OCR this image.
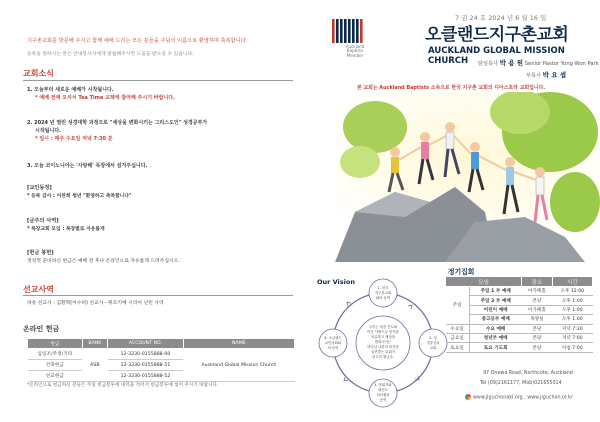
지구촌교회를 방문해 주시고 함께 예배 드리는 모든 분들을 주님의 이름으로 환영하며 축복합니다.
등록을 원하시는 분은 안내봉사자에게 말씀해주시면 도움을 받으실 수 있습니다.
교회소식
1. 오늘부터 새로운 예배가 시작됩니다.
* 예배 전에 오셔서 Tea Time 교제에 참여해 주시기 바랍니다.
2. 2024 년 열린 성경대학 과정으로 "세상을 변화시키는 그리스도인" 성경공부가
시작됩니다.
* 일시 : 매주 수요일 저녁 7:30 분
3. 오늘 코이노니아는 '사랑해' 목장에서 섬겨주십니다.
[교인동정]
* 등록 감사 : 이찬희 청년 "환영하고 축복합니다"
[금주의 사역]
* 목장교회 모임 : 목장별로 자유롭게
[헌금 봉헌]
정성껏 준비하신 헌금은 예배 전 후나 온라인으로 자유롭게 드려주십시오.
선교사역
파송 선교사 : 김환혁(이수희) 선교사 - 튀르키예 시리아 난민 사역
온라인 헌금
헌금	BANK	ACCOUNT NO.	NAME
십일조/주정/기타	ASB	12-3230-0155888-00	Auckland Global Mission Church
건축헌금		12-3230-0155888-51	
선교헌금		12-3230-0155888-52	
*온라인으로 헌금하신 분들은 주일 헌금봉투에 내역을 적어서 헌금봉투에 넣어 주시기 바랍니다.
7 권 24 호 2024 년 6 월 16 일
Auckland
Baptists
Member
오클랜드지구촌교회
AUCKLAND GLOBAL MISSION CHURCH	담임목사 박 용 원 Senior Pastor Yong Won Park
부목사 박 요 셉
본 교회는 Auckland Baptists 소속으로 한국 지구촌 교회의 디아스포라 교회입니다.
우리는 복음 전도와
이웃 사랑으로 민족을
치유하고 세상을
변화시키는
하나님 나라의 비전을
실현하는 교회가
되고자 합니다.
1. 한국
지구촌교회
와의 동역
2. 성
경중심의
교회
3. 목회자와
평신도
리더쉽의
동역
4. 오클랜드
교민사회와
의 동역
Our Vision
정기집회
모임		장소	시간
주일	주일 1 부 예배	아가페홀	오후 12:00
	주일 2 부 예배	본당	오후 1:00
	어린이 예배	아가페홀	오후 1:00
	중고등부 예배	목양실	오후 1:00
수요일	수요 예배	본당	저녁 7:30
금요일	청년부 예배	본당	저녁 7:00
토요일	토요 기도회	본당	아침 7:00
97 Onewa Road, Northcote, Auckland
Tel (09)2161177, Mob)021655014
www.jiguchonakl.org , www.jiguchon.or.kr
